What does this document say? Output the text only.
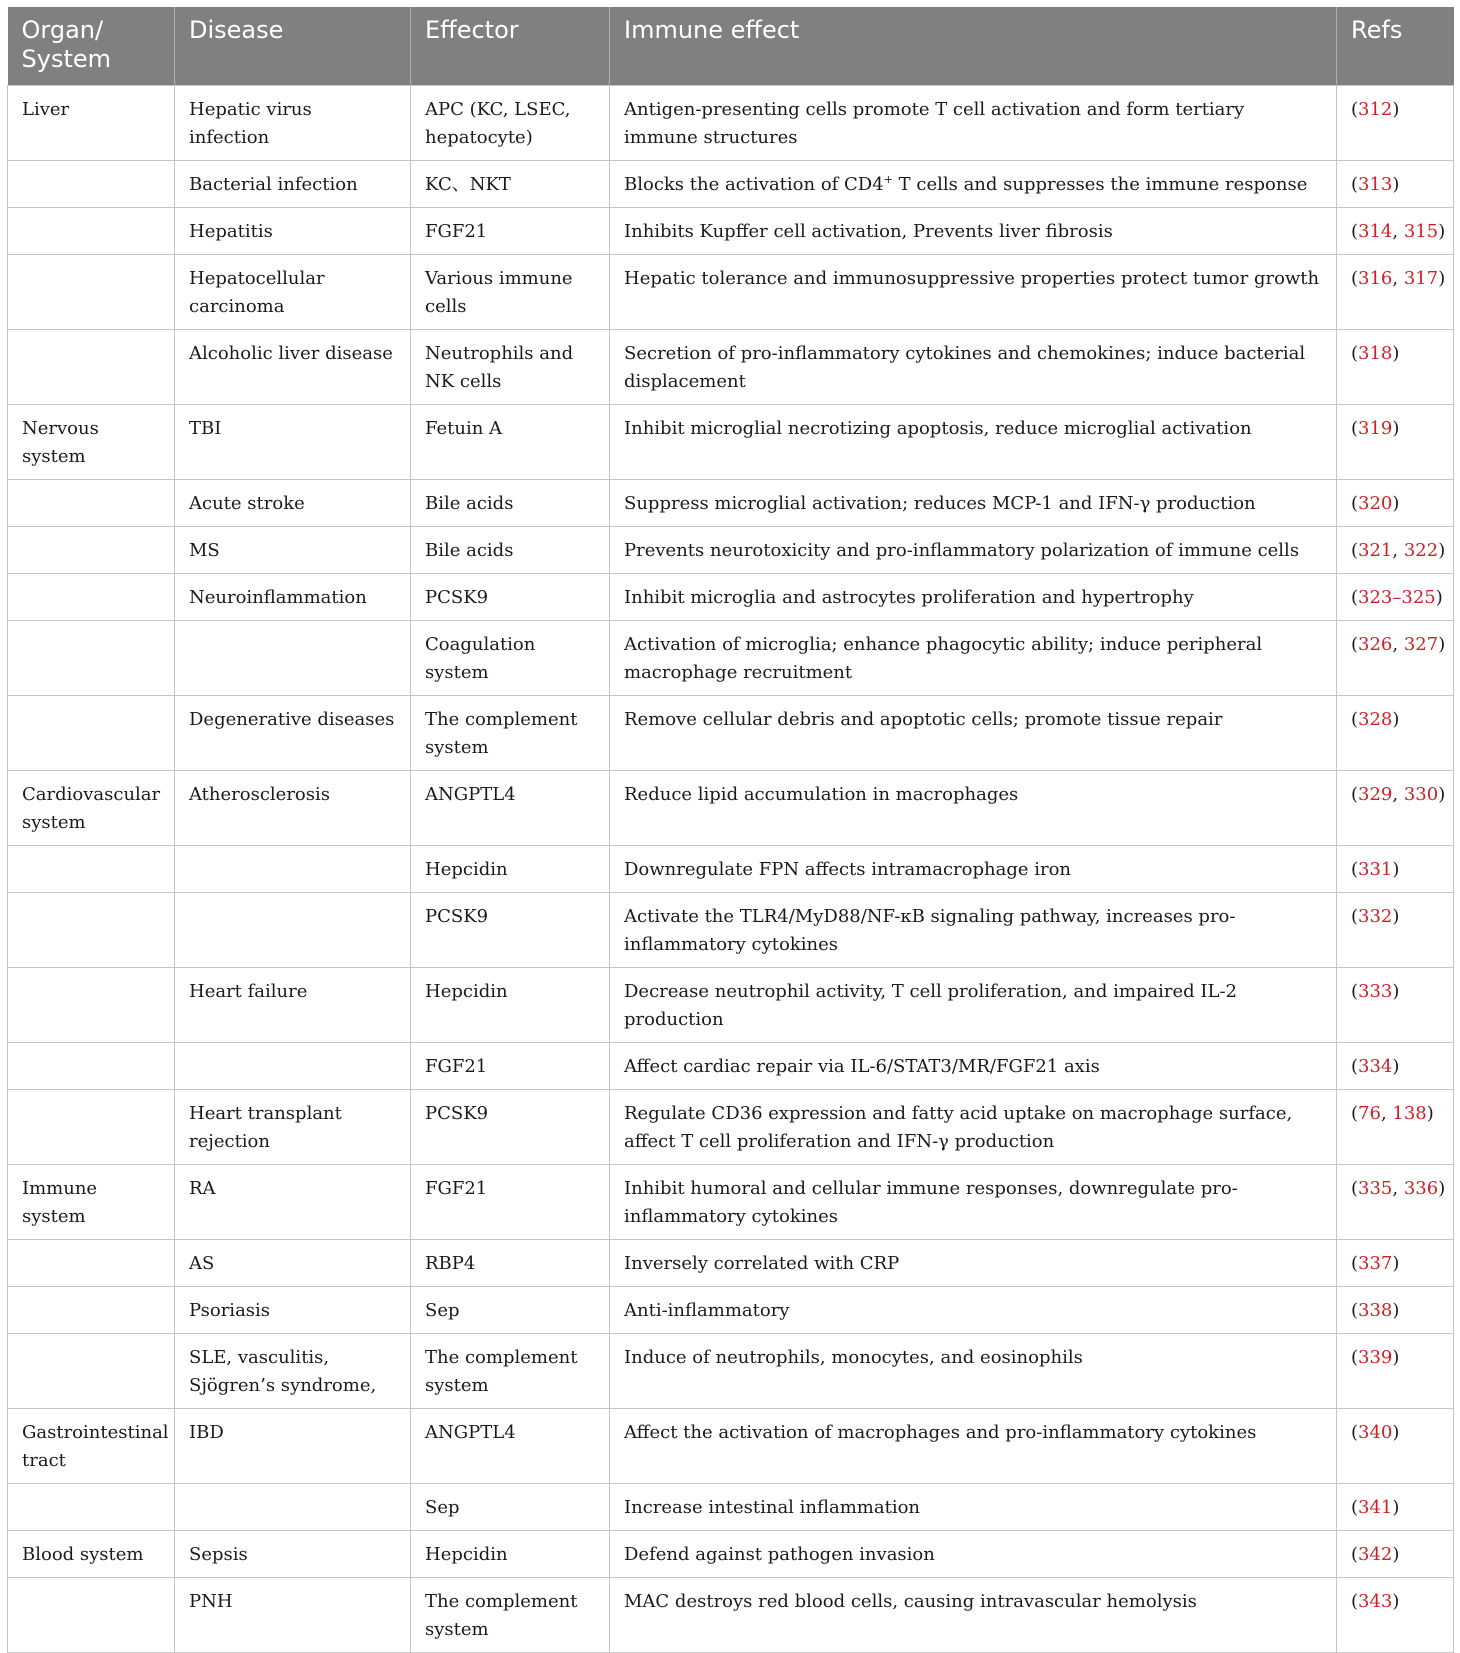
Organ/ System	Disease	Effector	Immune effect	Refs
Liver	Hepatic virus infection	APC (KC, LSEC, hepatocyte)	Antigen-presenting cells promote T cell activation and form tertiary immune structures	(312)
	Bacterial infection	KC、NKT	Blocks the activation of CD4+ T cells and suppresses the immune response	(313)
	Hepatitis	FGF21	Inhibits Kupffer cell activation, Prevents liver fibrosis	(314, 315)
	Hepatocellular carcinoma	Various immune cells	Hepatic tolerance and immunosuppressive properties protect tumor growth	(316, 317)
	Alcoholic liver disease	Neutrophils and NK cells	Secretion of pro-inflammatory cytokines and chemokines; induce bacterial displacement	(318)
Nervous system	TBI	Fetuin A	Inhibit microglial necrotizing apoptosis, reduce microglial activation	(319)
	Acute stroke	Bile acids	Suppress microglial activation; reduces MCP-1 and IFN-γ production	(320)
	MS	Bile acids	Prevents neurotoxicity and pro-inflammatory polarization of immune cells	(321, 322)
	Neuroinflammation	PCSK9	Inhibit microglia and astrocytes proliferation and hypertrophy	(323–325)
		Coagulation system	Activation of microglia; enhance phagocytic ability; induce peripheral macrophage recruitment	(326, 327)
	Degenerative diseases	The complement system	Remove cellular debris and apoptotic cells; promote tissue repair	(328)
Cardiovascular system	Atherosclerosis	ANGPTL4	Reduce lipid accumulation in macrophages	(329, 330)
		Hepcidin	Downregulate FPN affects intramacrophage iron	(331)
		PCSK9	Activate the TLR4/MyD88/NF-κB signaling pathway, increases pro-inflammatory cytokines	(332)
	Heart failure	Hepcidin	Decrease neutrophil activity, T cell proliferation, and impaired IL-2 production	(333)
		FGF21	Affect cardiac repair via IL-6/STAT3/MR/FGF21 axis	(334)
	Heart transplant rejection	PCSK9	Regulate CD36 expression and fatty acid uptake on macrophage surface, affect T cell proliferation and IFN-γ production	(76, 138)
Immune system	RA	FGF21	Inhibit humoral and cellular immune responses, downregulate pro-inflammatory cytokines	(335, 336)
	AS	RBP4	Inversely correlated with CRP	(337)
	Psoriasis	Sep	Anti-inflammatory	(338)
	SLE, vasculitis, Sjögren’s syndrome,	The complement system	Induce of neutrophils, monocytes, and eosinophils	(339)
Gastrointestinal tract	IBD	ANGPTL4	Affect the activation of macrophages and pro-inflammatory cytokines	(340)
		Sep	Increase intestinal inflammation	(341)
Blood system	Sepsis	Hepcidin	Defend against pathogen invasion	(342)
	PNH	The complement system	MAC destroys red blood cells, causing intravascular hemolysis	(343)
